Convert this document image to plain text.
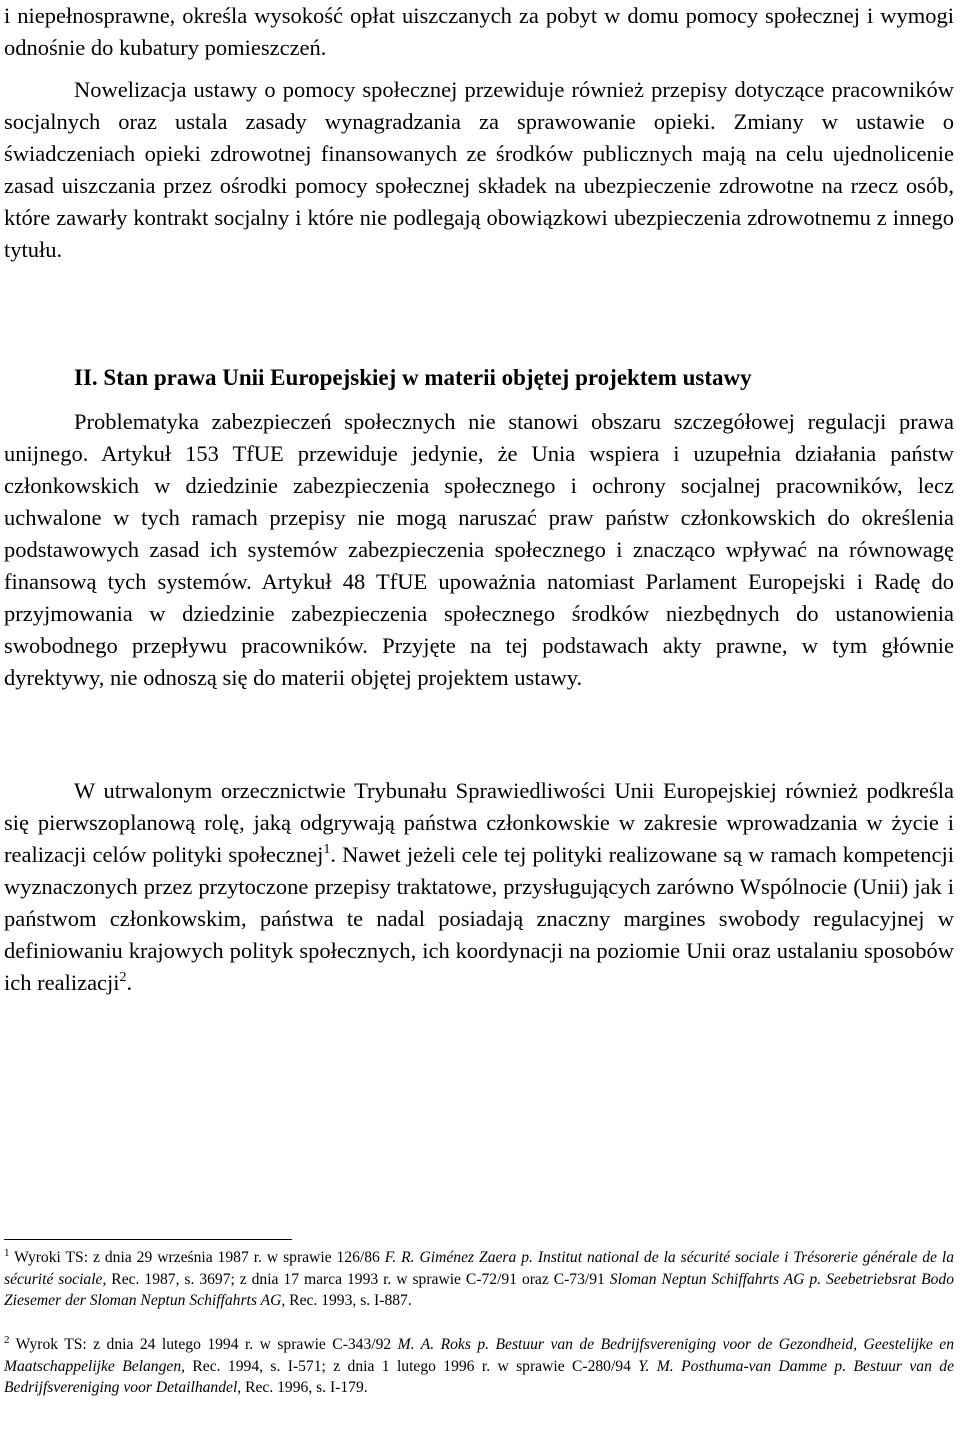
i niepełnosprawne, określa wysokość opłat uiszczanych za pobyt w domu pomocy społecznej i wymogi odnośnie do kubatury pomieszczeń.

Nowelizacja ustawy o pomocy społecznej przewiduje również przepisy dotyczące pracowników socjalnych oraz ustala zasady wynagradzania za sprawowanie opieki. Zmiany w ustawie o świadczeniach opieki zdrowotnej finansowanych ze środków publicznych mają na celu ujednolicenie zasad uiszczania przez ośrodki pomocy społecznej składek na ubezpieczenie zdrowotne na rzecz osób, które zawarły kontrakt socjalny i które nie podlegają obowiązkowi ubezpieczenia zdrowotnemu z innego tytułu.

II. Stan prawa Unii Europejskiej w materii objętej projektem ustawy

Problematyka zabezpieczeń społecznych nie stanowi obszaru szczegółowej regulacji prawa unijnego. Artykuł 153 TfUE przewiduje jedynie, że Unia wspiera i uzupełnia działania państw członkowskich w dziedzinie zabezpieczenia społecznego i ochrony socjalnej pracowników, lecz uchwalone w tych ramach przepisy nie mogą naruszać praw państw członkowskich do określenia podstawowych zasad ich systemów zabezpieczenia społecznego i znacząco wpływać na równowagę finansową tych systemów. Artykuł 48 TfUE upoważnia natomiast Parlament Europejski i Radę do przyjmowania w dziedzinie zabezpieczenia społecznego środków niezbędnych do ustanowienia swobodnego przepływu pracowników. Przyjęte na tej podstawach akty prawne, w tym głównie dyrektywy, nie odnoszą się do materii objętej projektem ustawy.

W utrwalonym orzecznictwie Trybunału Sprawiedliwości Unii Europejskiej również podkreśla się pierwszoplanową rolę, jaką odgrywają państwa członkowskie w zakresie wprowadzania w życie i realizacji celów polityki społecznej$^1$. Nawet jeżeli cele tej polityki realizowane są w ramach kompetencji wyznaczonych przez przytoczone przepisy traktatowe, przysługujących zarówno Wspólnocie (Unii) jak i państwom członkowskim, państwa te nadal posiadają znaczny margines swobody regulacyjnej w definiowaniu krajowych polityk społecznych, ich koordynacji na poziomie Unii oraz ustalaniu sposobów ich realizacji$^2$.

$^1$ Wyroki TS: z dnia 29 września 1987 r. w sprawie 126/86 F. R. Giménez Zaera p. Institut national de la sécurité sociale i Trésorerie générale de la sécurité sociale, Rec. 1987, s. 3697; z dnia 17 marca 1993 r. w sprawie C-72/91 oraz C-73/91 Sloman Neptun Schiffahrts AG p. Seebetriebsrat Bodo Ziesemer der Sloman Neptun Schiffahrts AG, Rec. 1993, s. I-887.

$^2$ Wyrok TS: z dnia 24 lutego 1994 r. w sprawie C-343/92 M. A. Roks p. Bestuur van de Bedrijfsvereniging voor de Gezondheid, Geestelijke en Maatschappelijke Belangen, Rec. 1994, s. I-571; z dnia 1 lutego 1996 r. w sprawie C-280/94 Y. M. Posthuma-van Damme p. Bestuur van de Bedrijfsvereniging voor Detailhandel, Rec. 1996, s. I-179.
